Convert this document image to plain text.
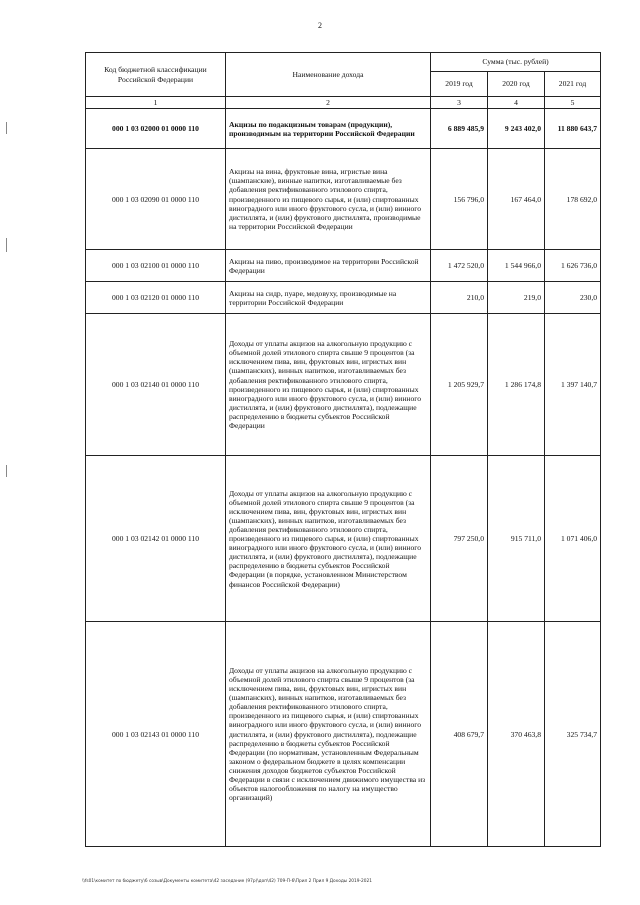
2
Код бюджетной классификации Российской Федерации	Наименование дохода	Сумма (тыс. рублей)		
		2019 год	2020 год	2021 год
1	2	3	4	5
000 1 03 02000 01 0000 110	Акцизы по подакцизным товарам (продукции), производимым на территории Российской Федерации	6 889 485,9	9 243 402,0	11 880 643,7
000 1 03 02090 01 0000 110	Акцизы на вина, фруктовые вина, игристые вина (шампанские), винные напитки, изготавливаемые без добавления ректификованного этилового спирта, произведенного из пищевого сырья, и (или) спиртованных виноградного или иного фруктового сусла, и (или) винного дистиллята, и (или) фруктового дистиллята, производимые на территории Российской Федерации	156 796,0	167 464,0	178 692,0
000 1 03 02100 01 0000 110	Акцизы на пиво, производимое на территории Российской Федерации	1 472 520,0	1 544 966,0	1 626 736,0
000 1 03 02120 01 0000 110	Акцизы на сидр, пуаре, медовуху, производимые на территории Российской Федерации	210,0	219,0	230,0
000 1 03 02140 01 0000 110	Доходы от уплаты акцизов на алкогольную продукцию с объемной долей этилового спирта свыше 9 процентов (за исключением пива, вин, фруктовых вин, игристых вин (шампанских), винных напитков, изготавливаемых без добавления ректификованного этилового спирта, произведенного из пищевого сырья, и (или) спиртованных виноградного или иного фруктового сусла, и (или) винного дистиллята, и (или) фруктового дистиллята), подлежащие распределению в бюджеты субъектов Российской Федерации	1 205 929,7	1 286 174,8	1 397 140,7
000 1 03 02142 01 0000 110	Доходы от уплаты акцизов на алкогольную продукцию с объемной долей этилового спирта свыше 9 процентов (за исключением пива, вин, фруктовых вин, игристых вин (шампанских), винных напитков, изготавливаемых без добавления ректификованного этилового спирта, произведенного из пищевого сырья, и (или) спиртованных виноградного или иного фруктового сусла, и (или) винного дистиллята, и (или) фруктового дистиллята), подлежащие распределению в бюджеты субъектов Российской Федерации (в порядке, установленном Министерством финансов Российской Федерации)	797 250,0	915 711,0	1 071 406,0
000 1 03 02143 01 0000 110	Доходы от уплаты акцизов на алкогольную продукцию с объемной долей этилового спирта свыше 9 процентов (за исключением пива, вин, фруктовых вин, игристых вин (шампанских), винных напитков, изготавливаемых без добавления ректификованного этилового спирта, произведенного из пищевого сырья, и (или) спиртованных виноградного или иного фруктового сусла, и (или) винного дистиллята, и (или) фруктового дистиллята), подлежащие распределению в бюджеты субъектов Российской Федерации (по нормативам, установленным Федеральным законом о федеральном бюджете в целях компенсации снижения доходов бюджетов субъектов Российской Федерации в связи с исключением движимого имущества из объектов налогообложения по налогу на имущество организаций)	408 679,7	370 463,8	325 734,7
\\fs01\комитет по бюджету\6 созыв\Документы комитета\42 заседание (97р)\доп\42) 709-П-6\Прил 2 Прил 9 Доходы 2019-2021
